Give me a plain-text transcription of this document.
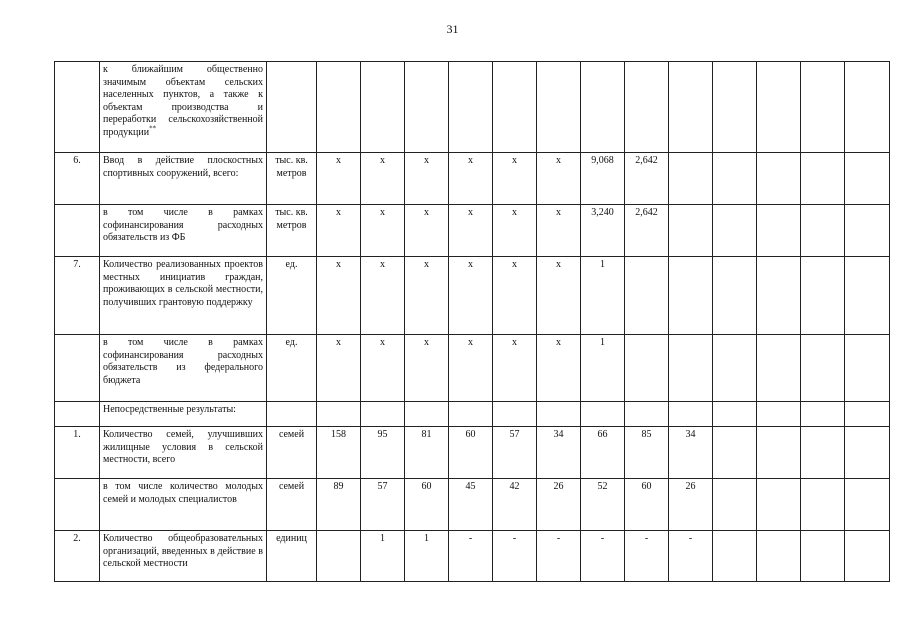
31
	к ближайшим общественно значимым объектам сельских населенных пунктов, а также к объектам производства и переработки сельскохозяйственной продукции**														
6.	Ввод в действие плоскостных спортивных сооружений, всего:	тыс. кв. метров	x	x	x	x	x	x	9,068	2,642					
	в том числе в рамках софинансирования расходных обязательств из ФБ	тыс. кв. метров	x	x	x	x	x	x	3,240	2,642					
7.	Количество реализованных проектов местных инициатив граждан, проживающих в сельской местности, получивших грантовую поддержку	ед.	x	x	x	x	x	x	1						
	в том числе в рамках софинансирования расходных обязательств из федерального бюджета	ед.	x	x	x	x	x	x	1						
	Непосредственные результаты:														
1.	Количество семей, улучшивших жилищные условия в сельской местности, всего	семей	158	95	81	60	57	34	66	85	34				
	в том числе количество молодых семей и молодых специалистов	семей	89	57	60	45	42	26	52	60	26				
2.	Количество общеобразовательных организаций, введенных в действие в сельской местности	единиц		1	1	-	-	-	-	-	-				
